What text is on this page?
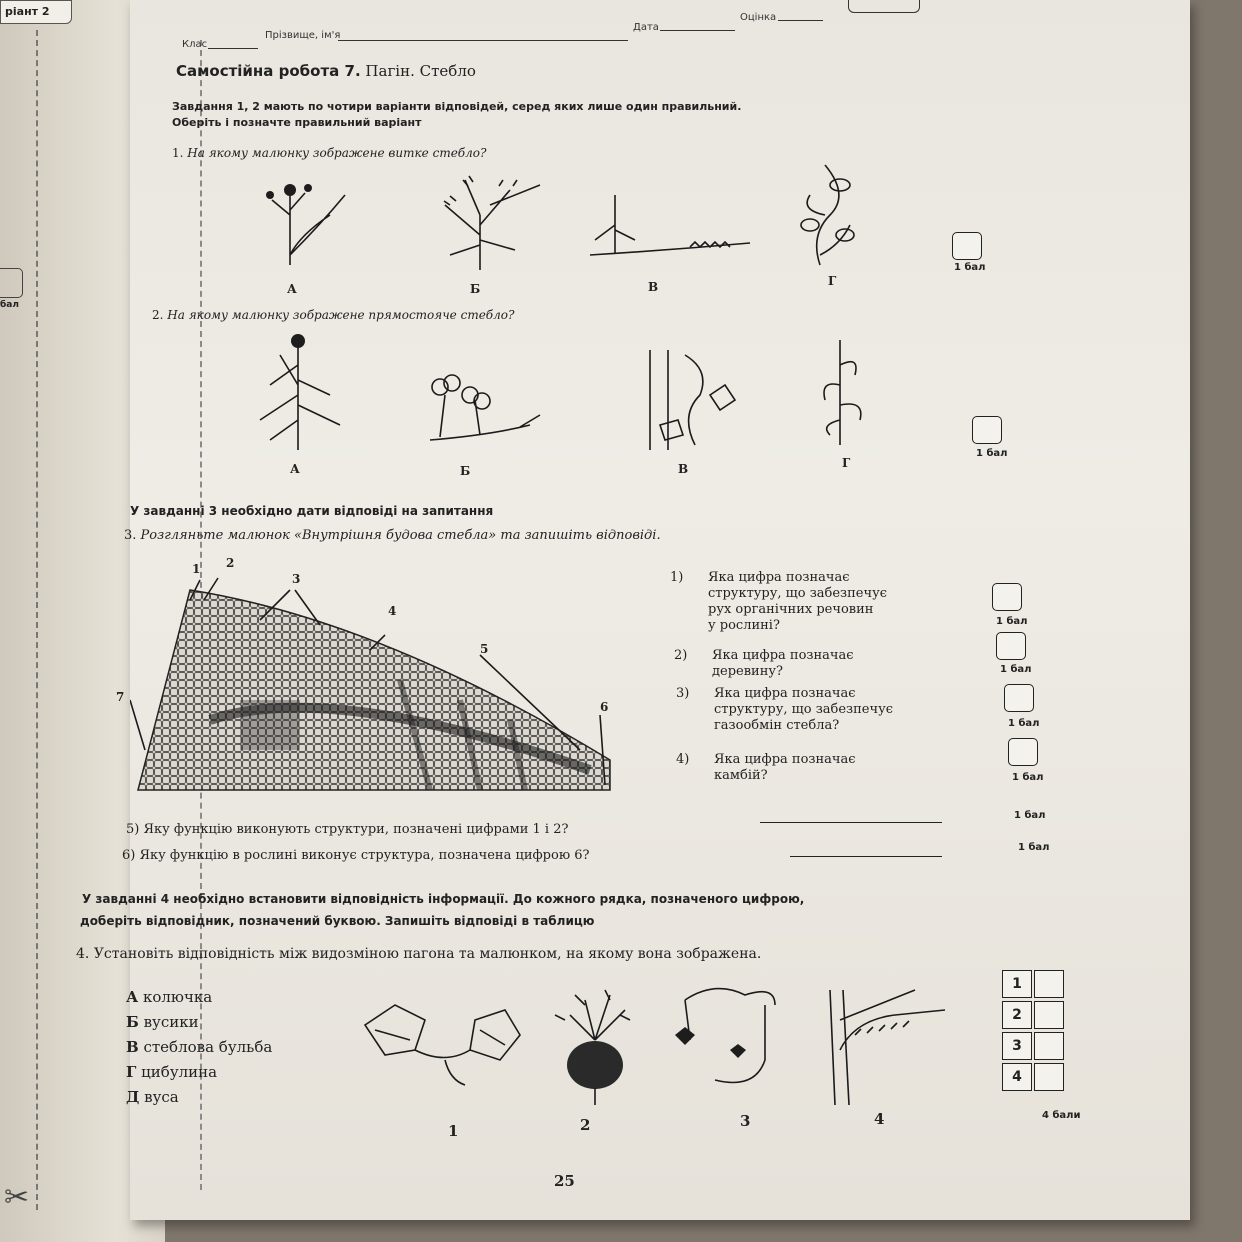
ріант 2
бал
✂
Клас
Прізвище, ім'я
Дата
Оцінка
Самостійна робота 7. Пагін. Стебло
Завдання 1, 2 мають по чотири варіанти відповідей, серед яких лише один правильний.
Оберіть і позначте правильний варіант
1. На якому малюнку зображене витке стебло?
А	Б	В	Г
1 бал
2. На якому малюнку зображене прямостояче стебло?
А	Б	В	Г
1 бал
У завданні 3 необхідно дати відповіді на запитання
3. Розгляньте малюнок «Внутрішня будова стебла» та запишіть відповіді.
1 2
3
4
5
6
7
1) Яка цифра позначає
структуру, що забезпечує
рух органічних речовин
у рослині?
2) Яка цифра позначає
деревину?
3) Яка цифра позначає
структуру, що забезпечує
газообмін стебла?
4) Яка цифра позначає
камбій?
1 бал
1 бал
1 бал
1 бал
5) Яку функцію виконують структури, позначені цифрами 1 і 2?
1 бал
6) Яку функцію в рослині виконує структура, позначена цифрою 6?
1 бал
У завданні 4 необхідно встановити відповідність інформації. До кожного рядка, позначеного цифрою,
доберіть відповідник, позначений буквою. Запишіть відповіді в таблицю
4. Установіть відповідність між видозміною пагона та малюнком, на якому вона зображена.
А колючка
Б вусики
В стеблова бульба
Г цибулина
Д вуса
1	2	3	4
1
2
3
4
4 бали
25
